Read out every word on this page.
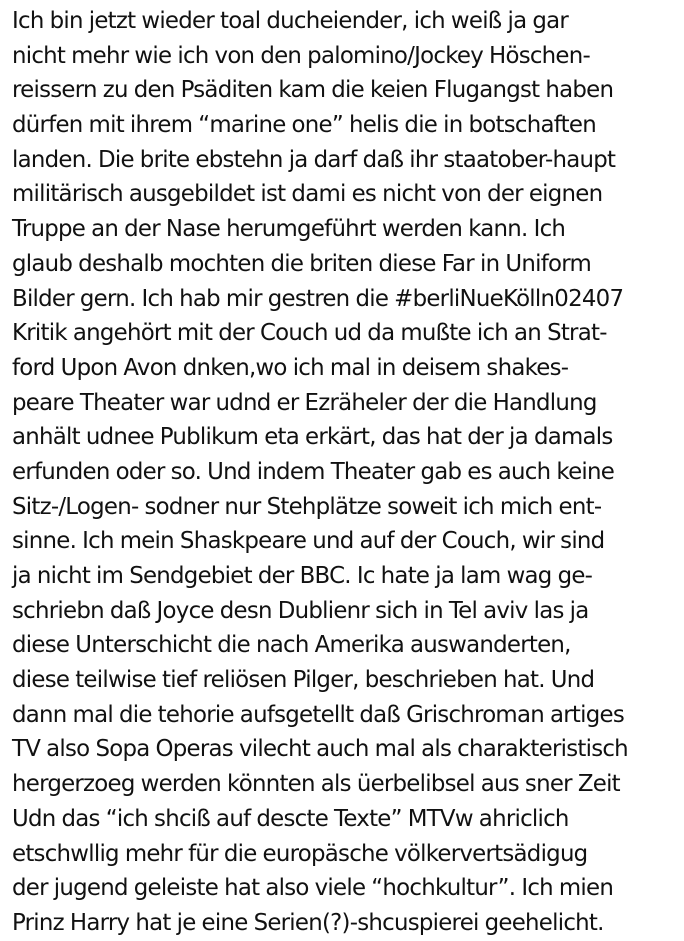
Ich bin jetzt wieder toal ducheiender, ich weiß ja gar
nicht mehr wie ich von den palomino/Jockey Höschen-
reissern zu den Psäditen kam die keien Flugangst haben
dürfen mit ihrem “marine one” helis die in botschaften
landen. Die brite ebstehn ja darf daß ihr staatober-haupt
militärisch ausgebildet ist dami es nicht von der eignen
Truppe an der Nase herumgeführt werden kann. Ich
glaub deshalb mochten die briten diese Far in Uniform
Bilder gern. Ich hab mir gestren die #berliNueKölln02407
Kritik angehört mit der Couch ud da mußte ich an Strat-
ford Upon Avon dnken,wo ich mal in deisem shakes-
peare Theater war udnd er Ezräheler der die Handlung
anhält udnee Publikum eta erkärt, das hat der ja damals
erfunden oder so. Und indem Theater gab es auch keine
Sitz-/Logen- sodner nur Stehplätze soweit ich mich ent-
sinne. Ich mein Shaskpeare und auf der Couch, wir sind
ja nicht im Sendgebiet der BBC. Ic hate ja lam wag ge-
schriebn daß Joyce desn Dublienr sich in Tel aviv las ja
diese Unterschicht die nach Amerika auswanderten,
diese teilwise tief reliösen Pilger, beschrieben hat. Und
dann mal die tehorie aufsgetellt daß Grischroman artiges
TV also Sopa Operas vilecht auch mal als charakteristisch
hergerzoeg werden könnten als üerbelibsel aus sner Zeit
Udn das “ich shciß auf descte Texte” MTVw ahriclich
etschwllig mehr für die europäsche völkervertsädigug
der jugend geleiste hat also viele “hochkultur”. Ich mien
Prinz Harry hat je eine Serien(?)-shcuspierei geehelicht.
